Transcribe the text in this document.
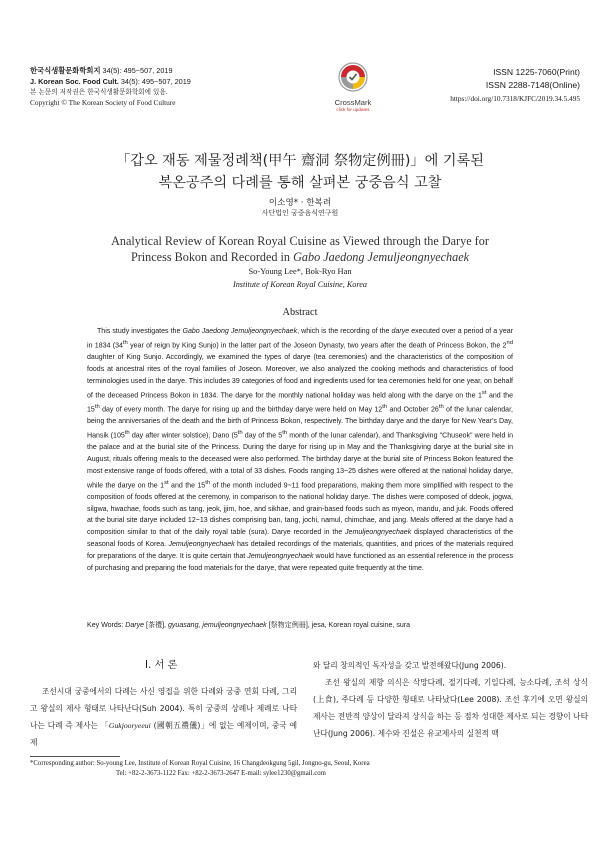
한국식생활문화학회지 34(5): 495~507, 2019
J. Korean Soc. Food Cult. 34(5): 495~507, 2019
본 논문의 저작권은 한국식생활문화학회에 있음.
Copyright © The Korean Society of Food Culture	CrossMark
click for updates
ISSN 1225-7060(Print)
ISSN 2288-7148(Online)
https://doi.org/10.7318/KJFC/2019.34.5.495
「갑오 재동 제물정례책(甲午 齋洞 祭物定例冊)」에 기록된
복온공주의 다례를 통해 살펴본 궁중음식 고찰
이소영* · 한복려
사단법인 궁중음식연구원
Analytical Review of Korean Royal Cuisine as Viewed through the Darye for
Princess Bokon and Recorded in Gabo Jaedong Jemuljeongnyechaek
So-Young Lee*, Bok-Ryo Han
Institute of Korean Royal Cuisine, Korea
Abstract
This study investigates the Gabo Jaedong Jemuljeongnyechaek, which is the recording of the darye executed over a period of a year in 1834 (34th year of reign by King Sunjo) in the latter part of the Joseon Dynasty, two years after the death of Princess Bokon, the 2nd daughter of King Sunjo. Accordingly, we examined the types of darye (tea ceremonies) and the characteristics of the composition of foods at ancestral rites of the royal families of Joseon. Moreover, we also analyzed the cooking methods and characteristics of food terminologies used in the darye. This includes 39 categories of food and ingredients used for tea ceremonies held for one year, on behalf of the deceased Princess Bokon in 1834. The darye for the monthly national holiday was held along with the darye on the 1st and the 15th day of every month. The darye for rising up and the birthday darye were held on May 12th and October 26th of the lunar calendar, being the anniversaries of the death and the birth of Princess Bokon, respectively. The birthday darye and the darye for New Year's Day, Hansik (105th day after winter solstice), Dano (5th day of the 5th month of the lunar calendar), and Thanksgiving "Chuseok" were held in the palace and at the burial site of the Princess. During the darye for rising up in May and the Thanksgiving darye at the burial site in August, rituals offering meals to the deceased were also performed. The birthday darye at the burial site of Princess Bokon featured the most extensive range of foods offered, with a total of 33 dishes. Foods ranging 13~25 dishes were offered at the national holiday darye, while the darye on the 1st and the 15th of the month included 9~11 food preparations, making them more simplified with respect to the composition of foods offered at the ceremony, in comparison to the national holiday darye. The dishes were composed of ddeok, jogwa, silgwa, hwachae, foods such as tang, jeok, jjim, hoe, and sikhae, and grain-based foods such as myeon, mandu, and juk. Foods offered at the burial site darye included 12~13 dishes comprising ban, tang, jochi, namul, chimchae, and jang. Meals offered at the darye had a composition similar to that of the daily royal table (sura). Darye recorded in the Jemuljeongnyechaek displayed characteristics of the seasonal foods of Korea. Jemuljeongnyechaek has detailed recordings of the materials, quantities, and prices of the materials required for preparations of the darye. It is quite certain that Jemuljeongnyechaek would have functioned as an essential reference in the process of purchasing and preparing the food materials for the darye, that were repeated quite frequently at the time.
Key Words: Darye [茶禮], gyuasang, jemuljeongnyechaek [祭物定例冊], jesa, Korean royal cuisine, sura
I. 서 론

조선시대 궁중에서의 다례는 사신 영접을 위한 다례와 궁중 연회 다례, 그리고 왕실의 제사 형태로 나타난다(Suh 2004). 특히 궁중의 상례나 제례로 나타나는 다례 즉 제사는 「Gukjooryeeui (國朝五禮儀)」에 없는 예제이며, 중국 예제

와 달리 창의적인 독자성을 갖고 발전해왔다(Jung 2006).

조선 왕실의 제향 의식은 삭망다례, 절기다례, 기일다례, 능소다례, 조석 상식(上食), 주다례 등 다양한 형태로 나타났다(Lee 2008). 조선 후기에 오면 왕실의 제사는 전반적 양상이 달라져 상식을 하는 등 점차 성대한 제사로 되는 경향이 나타난다(Jung 2006). 제수와 진설은 유교제사의 실천적 맥

*Corresponding author: So-young Lee, Institute of Korean Royal Cuisine, 16 Changdeokgung 5gil, Jongno-gu, Seoul, Korea
Tel: +82-2-3673-1122 Fax: +82-2-3673-2647 E-mail: sylee1230@gmail.com
